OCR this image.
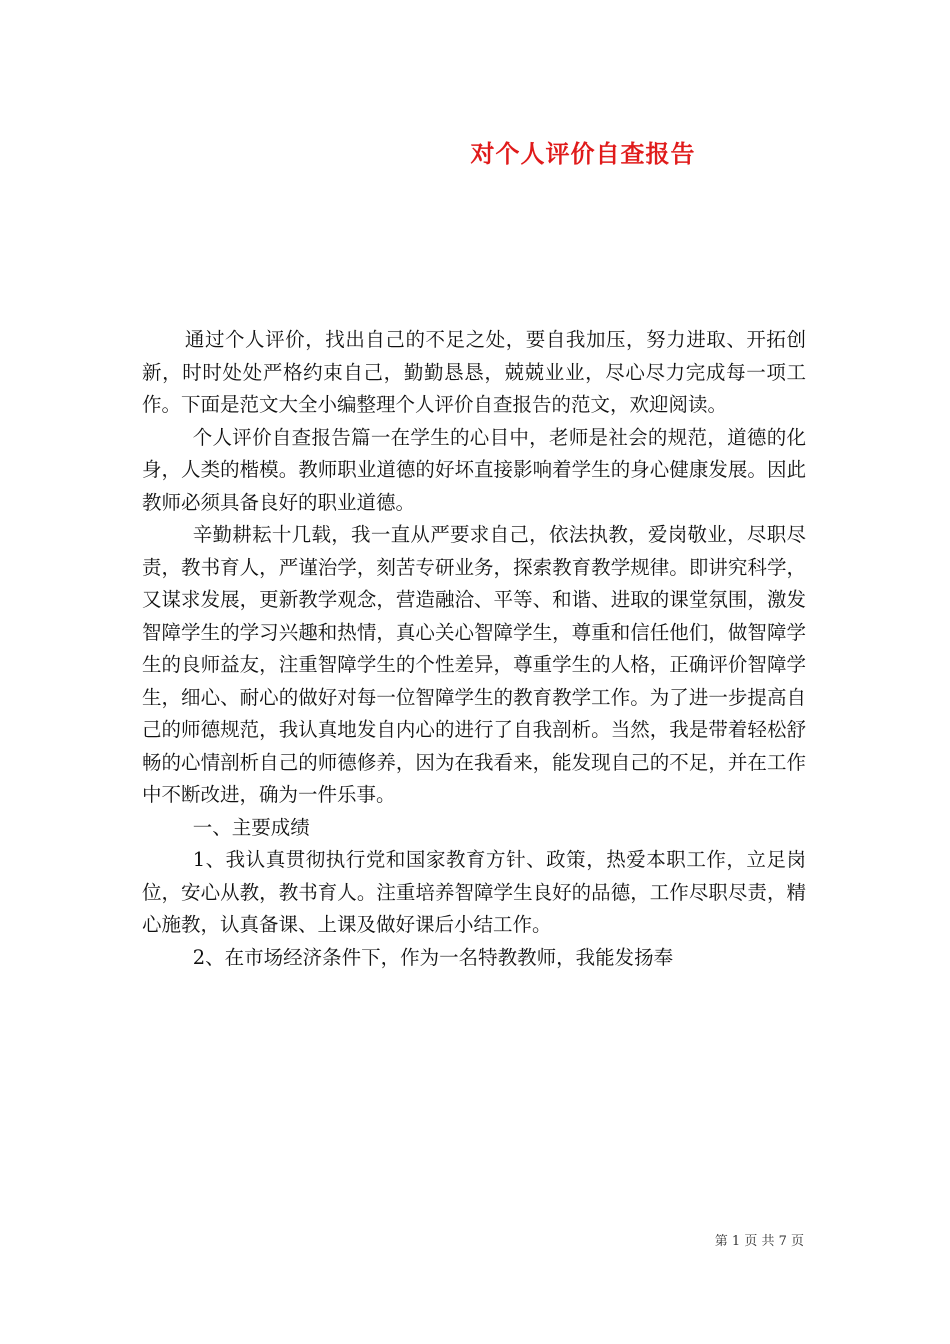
对个人评价自查报告

通过个人评价，找出自己的不足之处，要自我加压，努力进取、开拓创新，时时处处严格约束自己，勤勤恳恳，兢兢业业，尽心尽力完成每一项工作。下面是范文大全小编整理个人评价自查报告的范文，欢迎阅读。

个人评价自查报告篇一在学生的心目中，老师是社会的规范，道德的化身，人类的楷模。教师职业道德的好坏直接影响着学生的身心健康发展。因此教师必须具备良好的职业道德。

辛勤耕耘十几载，我一直从严要求自己，依法执教，爱岗敬业，尽职尽责，教书育人，严谨治学，刻苦专研业务，探索教育教学规律。即讲究科学，又谋求发展，更新教学观念，营造融洽、平等、和谐、进取的课堂氛围，激发智障学生的学习兴趣和热情，真心关心智障学生，尊重和信任他们，做智障学生的良师益友，注重智障学生的个性差异，尊重学生的人格，正确评价智障学生，细心、耐心的做好对每一位智障学生的教育教学工作。为了进一步提高自己的师德规范，我认真地发自内心的进行了自我剖析。当然，我是带着轻松舒畅的心情剖析自己的师德修养，因为在我看来，能发现自己的不足，并在工作中不断改进，确为一件乐事。

一、主要成绩

1、我认真贯彻执行党和国家教育方针、政策，热爱本职工作，立足岗位，安心从教，教书育人。注重培养智障学生良好的品德，工作尽职尽责，精心施教，认真备课、上课及做好课后小结工作。

2、在市场经济条件下，作为一名特教教师，我能发扬奉

第 1 页 共 7 页
